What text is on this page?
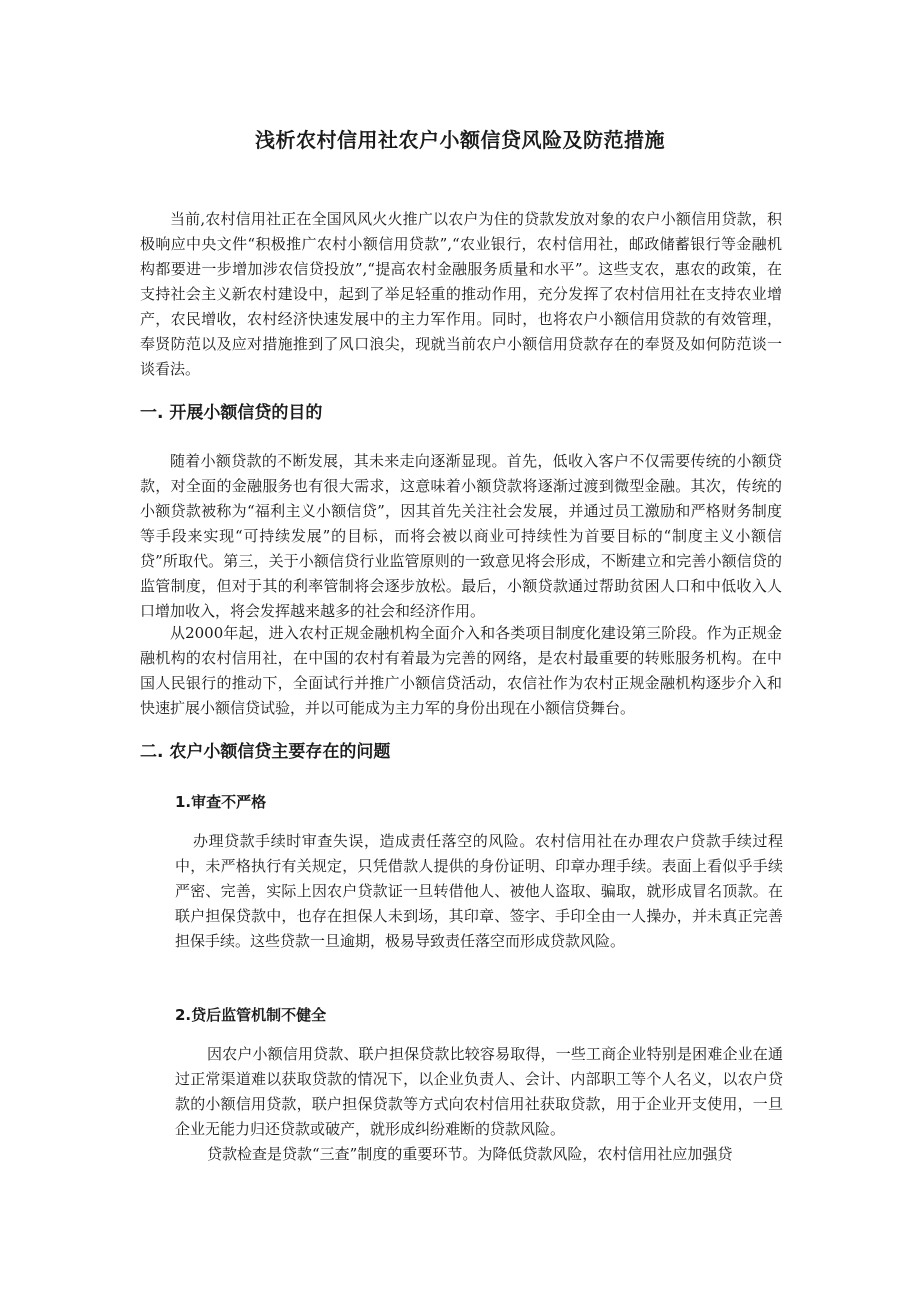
浅析农村信用社农户小额信贷风险及防范措施

当前,农村信用社正在全国风风火火推广以农户为住的贷款发放对象的农户小额信用贷款，积极响应中央文件“积极推广农村小额信用贷款”,“农业银行，农村信用社，邮政储蓄银行等金融机构都要进一步增加涉农信贷投放”,“提高农村金融服务质量和水平”。这些支农，惠农的政策，在支持社会主义新农村建设中，起到了举足轻重的推动作用，充分发挥了农村信用社在支持农业增产，农民增收，农村经济快速发展中的主力军作用。同时，也将农户小额信用贷款的有效管理，奉贤防范以及应对措施推到了风口浪尖，现就当前农户小额信用贷款存在的奉贤及如何防范谈一谈看法。

一. 开展小额信贷的目的

随着小额贷款的不断发展，其未来走向逐渐显现。首先，低收入客户不仅需要传统的小额贷款，对全面的金融服务也有很大需求，这意味着小额贷款将逐渐过渡到微型金融。其次，传统的小额贷款被称为“福利主义小额信贷”，因其首先关注社会发展，并通过员工激励和严格财务制度等手段来实现“可持续发展”的目标，而将会被以商业可持续性为首要目标的“制度主义小额信贷”所取代。第三，关于小额信贷行业监管原则的一致意见将会形成，不断建立和完善小额信贷的监管制度，但对于其的利率管制将会逐步放松。最后，小额贷款通过帮助贫困人口和中低收入人口增加收入，将会发挥越来越多的社会和经济作用。

从2000年起，进入农村正规金融机构全面介入和各类项目制度化建设第三阶段。作为正规金融机构的农村信用社，在中国的农村有着最为完善的网络，是农村最重要的转账服务机构。在中国人民银行的推动下，全面试行并推广小额信贷活动，农信社作为农村正规金融机构逐步介入和快速扩展小额信贷试验，并以可能成为主力军的身份出现在小额信贷舞台。

二. 农户小额信贷主要存在的问题
1.审查不严格

办理贷款手续时审查失误，造成责任落空的风险。农村信用社在办理农户贷款手续过程中，未严格执行有关规定，只凭借款人提供的身份证明、印章办理手续。表面上看似乎手续严密、完善，实际上因农户贷款证一旦转借他人、被他人盗取、骗取，就形成冒名顶款。在联户担保贷款中，也存在担保人未到场，其印章、签字、手印全由一人操办，并未真正完善担保手续。这些贷款一旦逾期，极易导致责任落空而形成贷款风险。

2.贷后监管机制不健全

因农户小额信用贷款、联户担保贷款比较容易取得，一些工商企业特别是困难企业在通过正常渠道难以获取贷款的情况下，以企业负责人、会计、内部职工等个人名义，以农户贷款的小额信用贷款，联户担保贷款等方式向农村信用社获取贷款，用于企业开支使用，一旦企业无能力归还贷款或破产，就形成纠纷难断的贷款风险。

贷款检查是贷款“三查”制度的重要环节。为降低贷款风险，农村信用社应加强贷
